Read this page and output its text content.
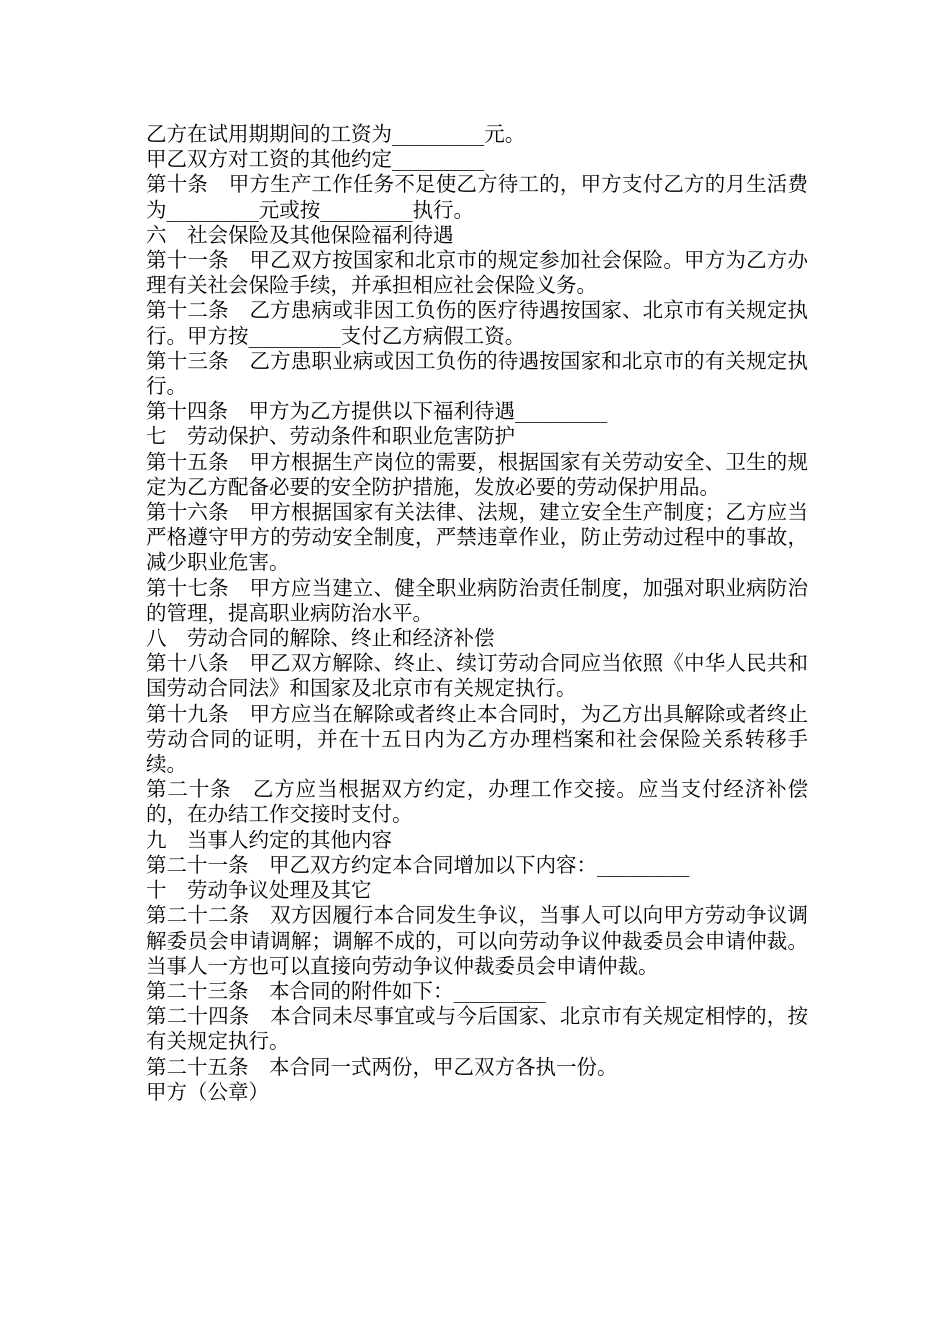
乙方在试用期期间的工资为_________元。

甲乙双方对工资的其他约定_________

第十条　甲方生产工作任务不足使乙方待工的，甲方支付乙方的月生活费为_________元或按_________执行。

六　社会保险及其他保险福利待遇

第十一条　甲乙双方按国家和北京市的规定参加社会保险。甲方为乙方办理有关社会保险手续，并承担相应社会保险义务。

第十二条　乙方患病或非因工负伤的医疗待遇按国家、北京市有关规定执行。甲方按_________支付乙方病假工资。

第十三条　乙方患职业病或因工负伤的待遇按国家和北京市的有关规定执行。

第十四条　甲方为乙方提供以下福利待遇_________

七　劳动保护、劳动条件和职业危害防护

第十五条　甲方根据生产岗位的需要，根据国家有关劳动安全、卫生的规定为乙方配备必要的安全防护措施，发放必要的劳动保护用品。

第十六条　甲方根据国家有关法律、法规，建立安全生产制度；乙方应当严格遵守甲方的劳动安全制度，严禁违章作业，防止劳动过程中的事故，减少职业危害。

第十七条　甲方应当建立、健全职业病防治责任制度，加强对职业病防治的管理，提高职业病防治水平。

八　劳动合同的解除、终止和经济补偿

第十八条　甲乙双方解除、终止、续订劳动合同应当依照《中华人民共和国劳动合同法》和国家及北京市有关规定执行。

第十九条　甲方应当在解除或者终止本合同时，为乙方出具解除或者终止劳动合同的证明，并在十五日内为乙方办理档案和社会保险关系转移手续。

第二十条　乙方应当根据双方约定，办理工作交接。应当支付经济补偿的，在办结工作交接时支付。

九　当事人约定的其他内容

第二十一条　甲乙双方约定本合同增加以下内容：_________

十　劳动争议处理及其它

第二十二条　双方因履行本合同发生争议，当事人可以向甲方劳动争议调解委员会申请调解；调解不成的，可以向劳动争议仲裁委员会申请仲裁。当事人一方也可以直接向劳动争议仲裁委员会申请仲裁。

第二十三条　本合同的附件如下：_________

第二十四条　本合同未尽事宜或与今后国家、北京市有关规定相悖的，按有关规定执行。

第二十五条　本合同一式两份，甲乙双方各执一份。

甲方（公章）
